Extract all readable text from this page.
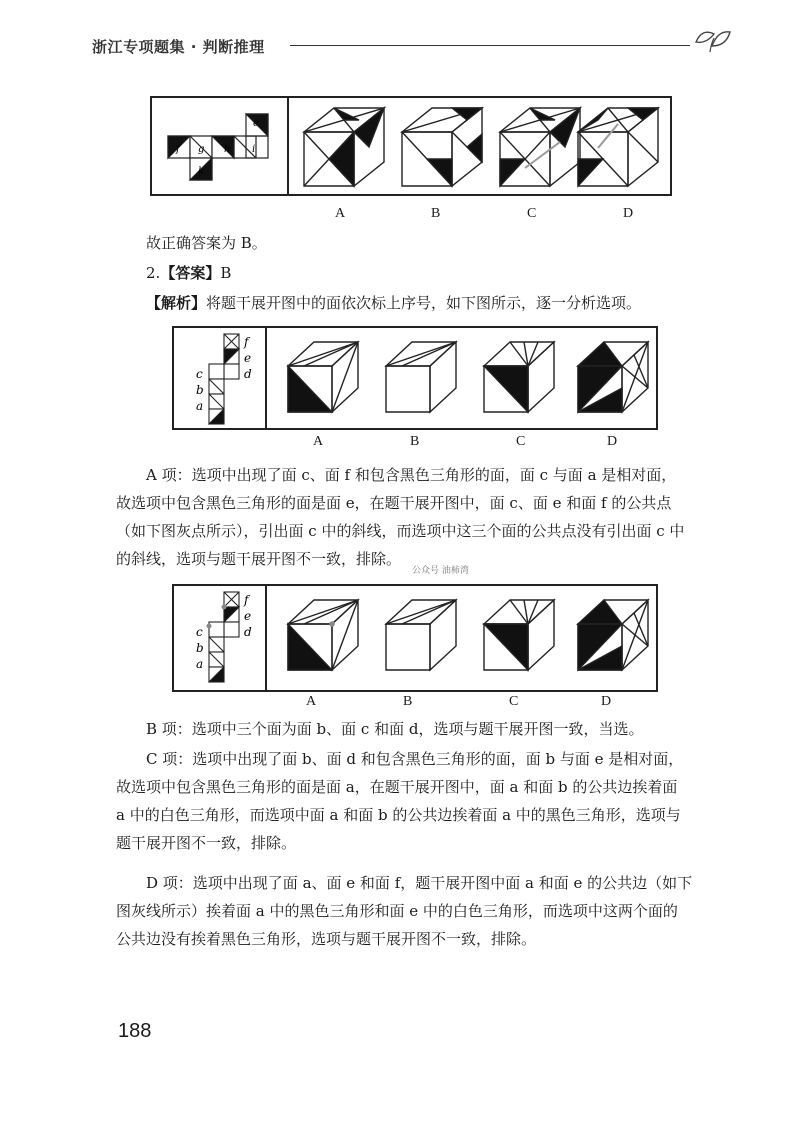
浙江专项题集 · 判断推理
e
f g h i
k
A	B	C	D
故正确答案为 B。
2.【答案】B
【解析】将题干展开图中的面依次标上序号，如下图所示，逐一分析选项。
f
e
d
c
b
a
A	B	C	D
A 项：选项中出现了面 c、面 f 和包含黑色三角形的面，面 c 与面 a 是相对面，
故选项中包含黑色三角形的面是面 e，在题干展开图中，面 c、面 e 和面 f 的公共点
（如下图灰点所示），引出面 c 中的斜线，而选项中这三个面的公共点没有引出面 c 中
的斜线，选项与题干展开图不一致，排除。
公众号 油柿湾
f
e
d
c
b
a
A	B	C	D
B 项：选项中三个面为面 b、面 c 和面 d，选项与题干展开图一致，当选。
C 项：选项中出现了面 b、面 d 和包含黑色三角形的面，面 b 与面 e 是相对面，
故选项中包含黑色三角形的面是面 a，在题干展开图中，面 a 和面 b 的公共边挨着面
a 中的白色三角形，而选项中面 a 和面 b 的公共边挨着面 a 中的黑色三角形，选项与
题干展开图不一致，排除。
D 项：选项中出现了面 a、面 e 和面 f，题干展开图中面 a 和面 e 的公共边（如下
图灰线所示）挨着面 a 中的黑色三角形和面 e 中的白色三角形，而选项中这两个面的
公共边没有挨着黑色三角形，选项与题干展开图不一致，排除。
188
